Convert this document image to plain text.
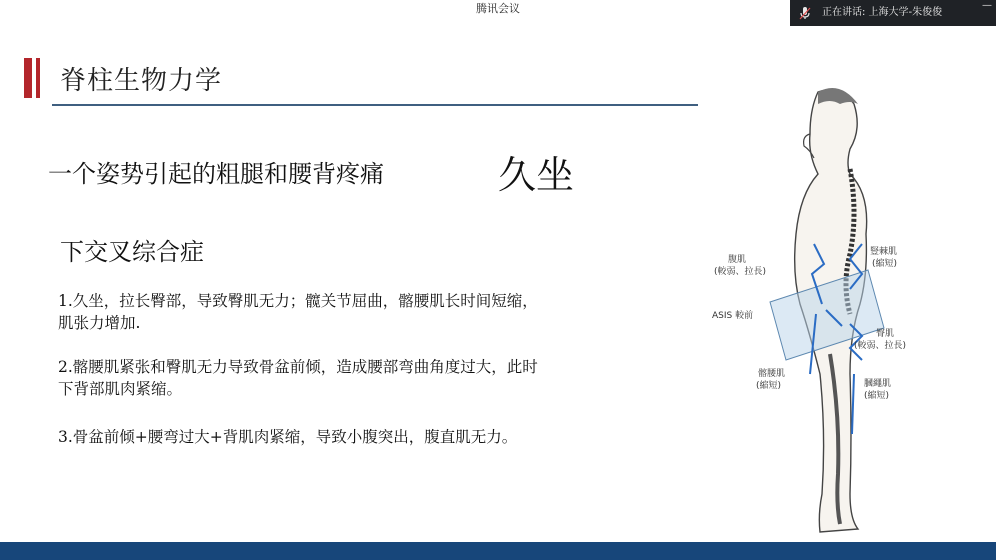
腾讯会议	正在讲话: 上海大学-朱俊俊
—
脊柱生物力学
一个姿势引起的粗腿和腰背疼痛	久坐
下交叉综合症
1.久坐，拉长臀部，导致臀肌无力；髋关节屈曲，髂腰肌长时间短缩，肌张力增加.
2.髂腰肌紧张和臀肌无力导致骨盆前倾，造成腰部弯曲角度过大，此时下背部肌肉紧缩。
3.骨盆前倾+腰弯过大+背肌肉紧缩，导致小腹突出，腹直肌无力。
腹肌
(較弱、拉長)
豎棘肌
(縮短)
ASIS 較前
臀肌
(較弱、拉長)
髂腰肌
(縮短)	膕繩肌
(縮短)
